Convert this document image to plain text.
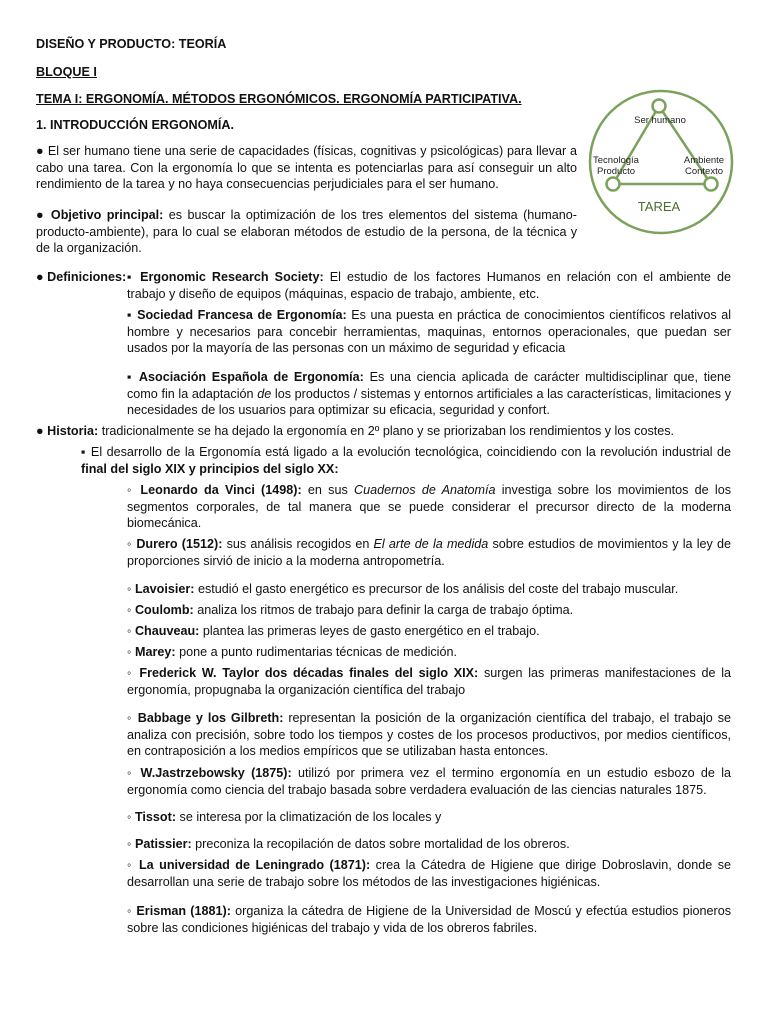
DISEÑO Y PRODUCTO: TEORÍA
BLOQUE I
TEMA I: ERGONOMÍA. MÉTODOS ERGONÓMICOS. ERGONOMÍA PARTICIPATIVA.
1. INTRODUCCIÓN ERGONOMÍA.	Ser humano
Tecnología
Producto
Ambiente
Contexto
TAREA
● El ser humano tiene una serie de capacidades (físicas, cognitivas y psicológicas) para llevar a cabo una tarea. Con la ergonomía lo que se intenta es potenciarlas para así conseguir un alto rendimiento de la tarea y no haya consecuencias perjudiciales para el ser humano.
● Objetivo principal: es buscar la optimización de los tres elementos del sistema (humano-producto-ambiente), para lo cual se elaboran métodos de estudio de la persona, de la técnica y de la organización.
● Definiciones: ▪ Ergonomic Research Society: El estudio de los factores Humanos en relación con el ambiente de trabajo y diseño de equipos (máquinas, espacio de trabajo, ambiente, etc.
▪ Sociedad Francesa de Ergonomía: Es una puesta en práctica de conocimientos científicos relativos al hombre y necesarios para concebir herramientas, maquinas, entornos operacionales, que puedan ser usados por la mayoría de las personas con un máximo de seguridad y eficacia
▪ Asociación Española de Ergonomía: Es una ciencia aplicada de carácter multidisciplinar que, tiene como fin la adaptación de los productos / sistemas y entornos artificiales a las características, limitaciones y necesidades de los usuarios para optimizar su eficacia, seguridad y confort.
● Historia: tradicionalmente se ha dejado la ergonomía en 2º plano y se priorizaban los rendimientos y los costes.
▪ El desarrollo de la Ergonomía está ligado a la evolución tecnológica, coincidiendo con la revolución industrial de final del siglo XIX y principios del siglo XX:
◦ Leonardo da Vinci (1498): en sus Cuadernos de Anatomía investiga sobre los movimientos de los segmentos corporales, de tal manera que se puede considerar el precursor directo de la moderna biomecánica.
◦ Durero (1512): sus análisis recogidos en El arte de la medida sobre estudios de movimientos y la ley de proporciones sirvió de inicio a la moderna antropometría.
◦ Lavoisier: estudió el gasto energético es precursor de los análisis del coste del trabajo muscular.
◦ Coulomb: analiza los ritmos de trabajo para definir la carga de trabajo óptima.
◦ Chauveau: plantea las primeras leyes de gasto energético en el trabajo.
◦ Marey: pone a punto rudimentarias técnicas de medición.
◦ Frederick W. Taylor dos décadas finales del siglo XIX: surgen las primeras manifestaciones de la ergonomía, propugnaba la organización científica del trabajo
◦ Babbage y los Gilbreth: representan la posición de la organización científica del trabajo, el trabajo se analiza con precisión, sobre todo los tiempos y costes de los procesos productivos, por medios científicos, en contraposición a los medios empíricos que se utilizaban hasta entonces.
◦ W.Jastrzebowsky (1875): utilizó por primera vez el termino ergonomía en un estudio esbozo de la ergonomía como ciencia del trabajo basada sobre verdadera evaluación de las ciencias naturales 1875.
◦ Tissot: se interesa por la climatización de los locales y
◦ Patissier: preconiza la recopilación de datos sobre mortalidad de los obreros.
◦ La universidad de Leningrado (1871): crea la Cátedra de Higiene que dirige Dobroslavin, donde se desarrollan una serie de trabajo sobre los métodos de las investigaciones higiénicas.
◦ Erisman (1881): organiza la cátedra de Higiene de la Universidad de Moscú y efectúa estudios pioneros sobre las condiciones higiénicas del trabajo y vida de los obreros fabriles.
